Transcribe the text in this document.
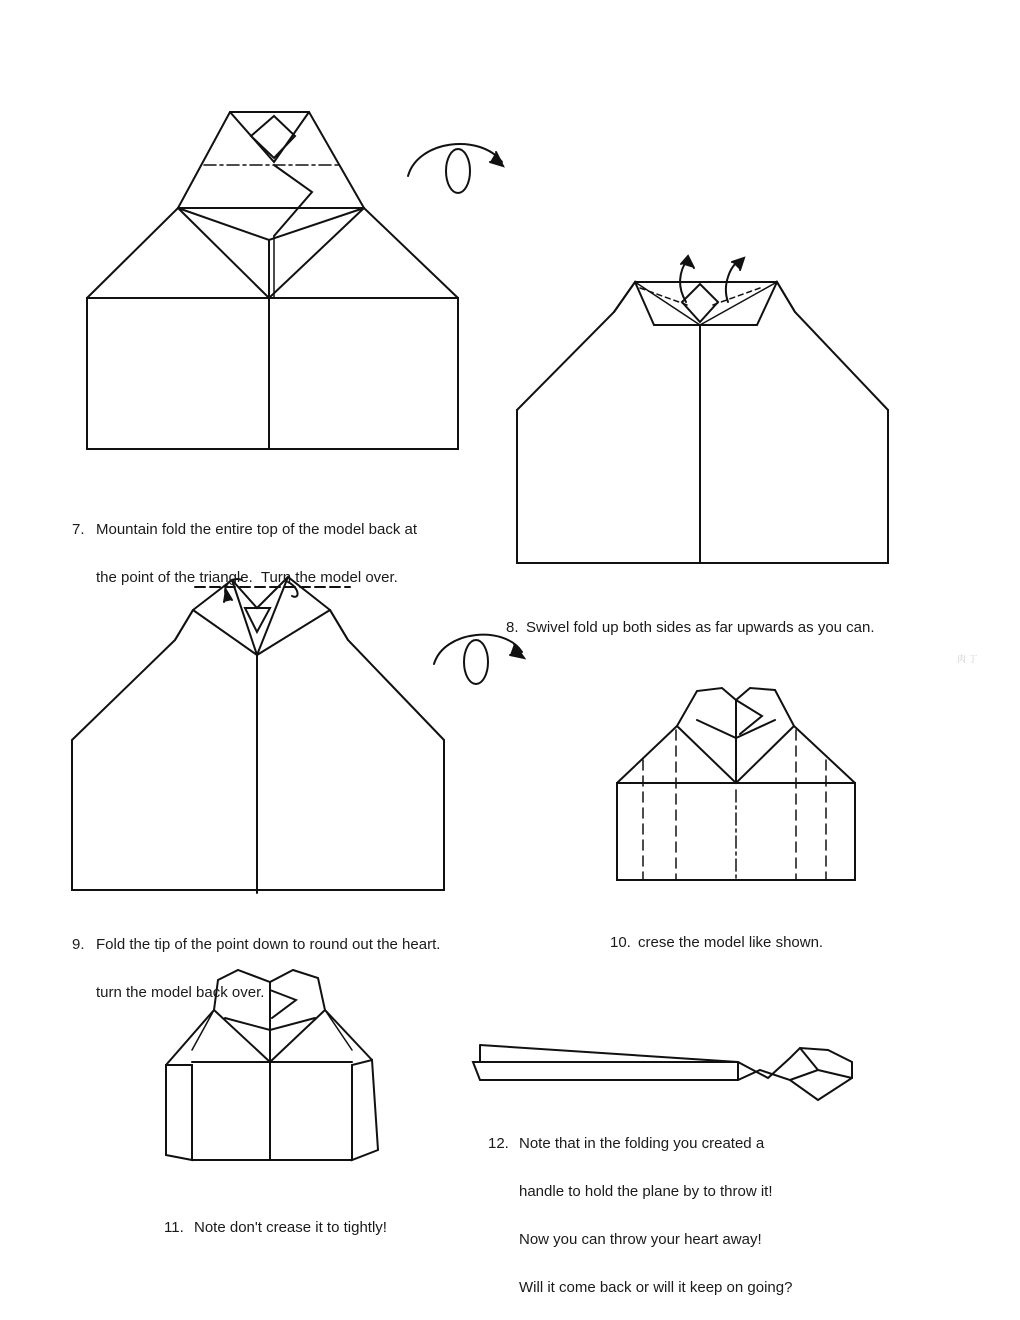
7. Mountain fold the entire top of the model back at

the point of the triangle.  Turn the model over.

8. Swivel fold up both sides as far upwards as you can.

9. Fold the tip of the point down to round out the heart.

turn the model back over.

10. crese the model like shown.

11. Note don't crease it to tightly!

12. Note that in the folding you created a

handle to hold the plane by to throw it!

Now you can throw your heart away!

Will it come back or will it keep on going?

肉 丁
